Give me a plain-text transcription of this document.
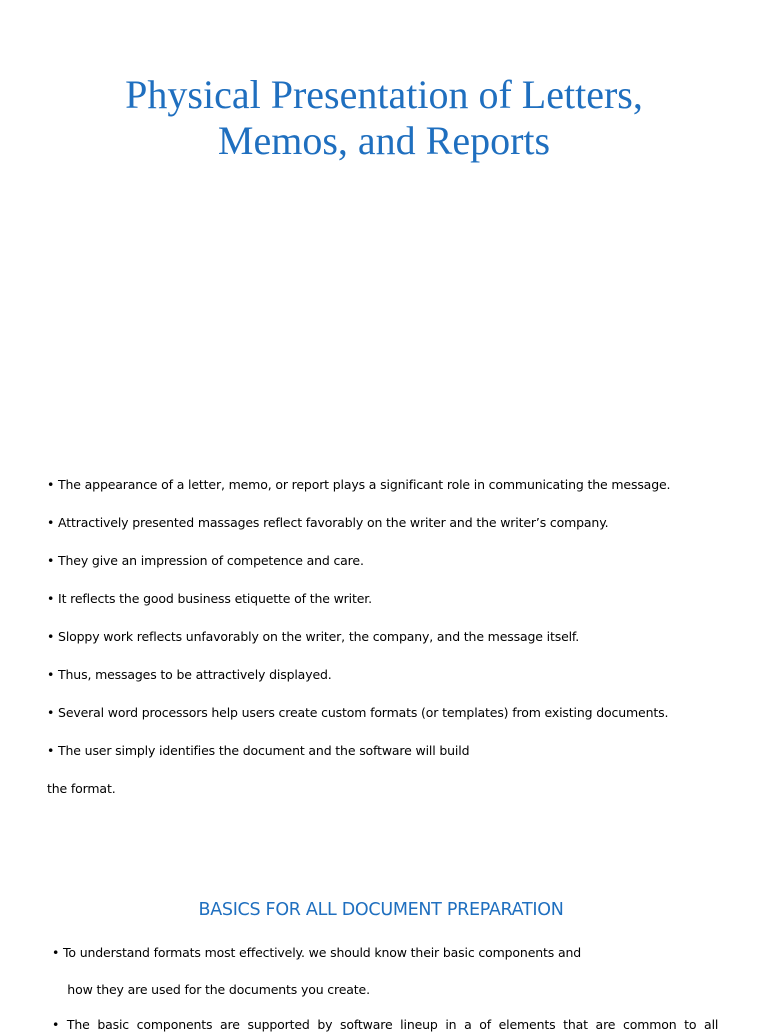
Physical Presentation of Letters,
Memos, and Reports
• The appearance of a letter, memo, or report plays a significant role in communicating the message.
• Attractively presented massages reflect favorably on the writer and the writer’s company.
• They give an impression of competence and care.
• It reflects the good business etiquette of the writer.
• Sloppy work reflects unfavorably on the writer, the company, and the message itself.
• Thus, messages to be attractively displayed.
• Several word processors help users create custom formats (or templates) from existing documents.
• The user simply identifies the document and the software will build
the format.
BASICS FOR ALL DOCUMENT PREPARATION
• To understand formats most effectively. we should know their basic components and
how they are used for the documents you create.
•  The  basic  components  are  supported  by  software  lineup  in  a  of  elements  that  are  common  to  all
